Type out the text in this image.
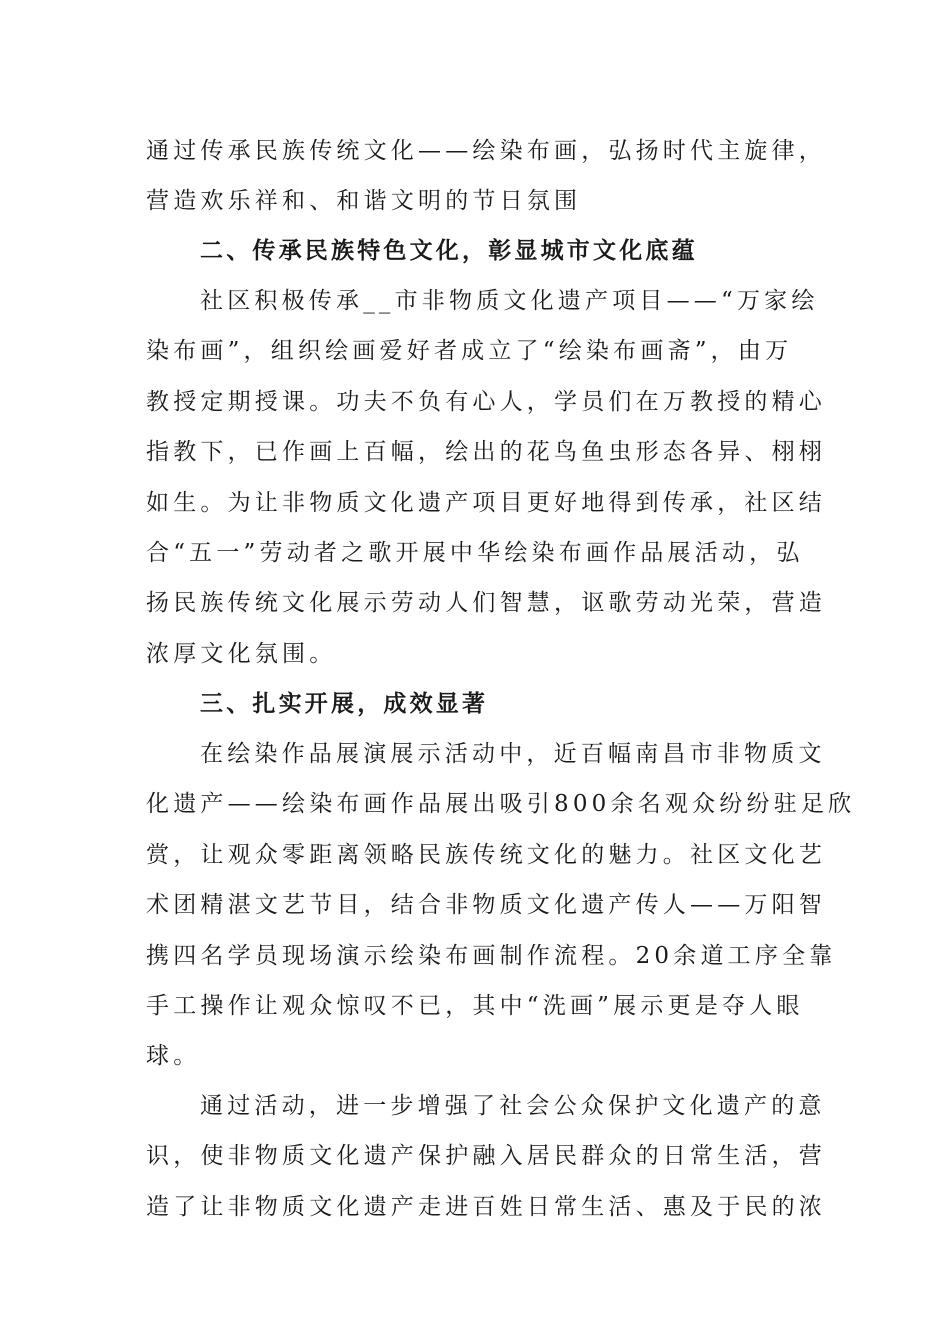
通过传承民族传统文化——绘染布画，弘扬时代主旋律，
营造欢乐祥和、和谐文明的节日氛围
二、传承民族特色文化，彰显城市文化底蕴
社区积极传承__市非物质文化遗产项目——“万家绘
染布画”，组织绘画爱好者成立了“绘染布画斋”，由万
教授定期授课。功夫不负有心人，学员们在万教授的精心
指教下，已作画上百幅，绘出的花鸟鱼虫形态各异、栩栩
如生。为让非物质文化遗产项目更好地得到传承，社区结
合“五一”劳动者之歌开展中华绘染布画作品展活动，弘
扬民族传统文化展示劳动人们智慧，讴歌劳动光荣，营造
浓厚文化氛围。
三、扎实开展，成效显著
在绘染作品展演展示活动中，近百幅南昌市非物质文
化遗产——绘染布画作品展出吸引800余名观众纷纷驻足欣
赏，让观众零距离领略民族传统文化的魅力。社区文化艺
术团精湛文艺节目，结合非物质文化遗产传人——万阳智
携四名学员现场演示绘染布画制作流程。20余道工序全靠
手工操作让观众惊叹不已，其中“洗画”展示更是夺人眼
球。
通过活动，进一步增强了社会公众保护文化遗产的意
识，使非物质文化遗产保护融入居民群众的日常生活，营
造了让非物质文化遗产走进百姓日常生活、惠及于民的浓
